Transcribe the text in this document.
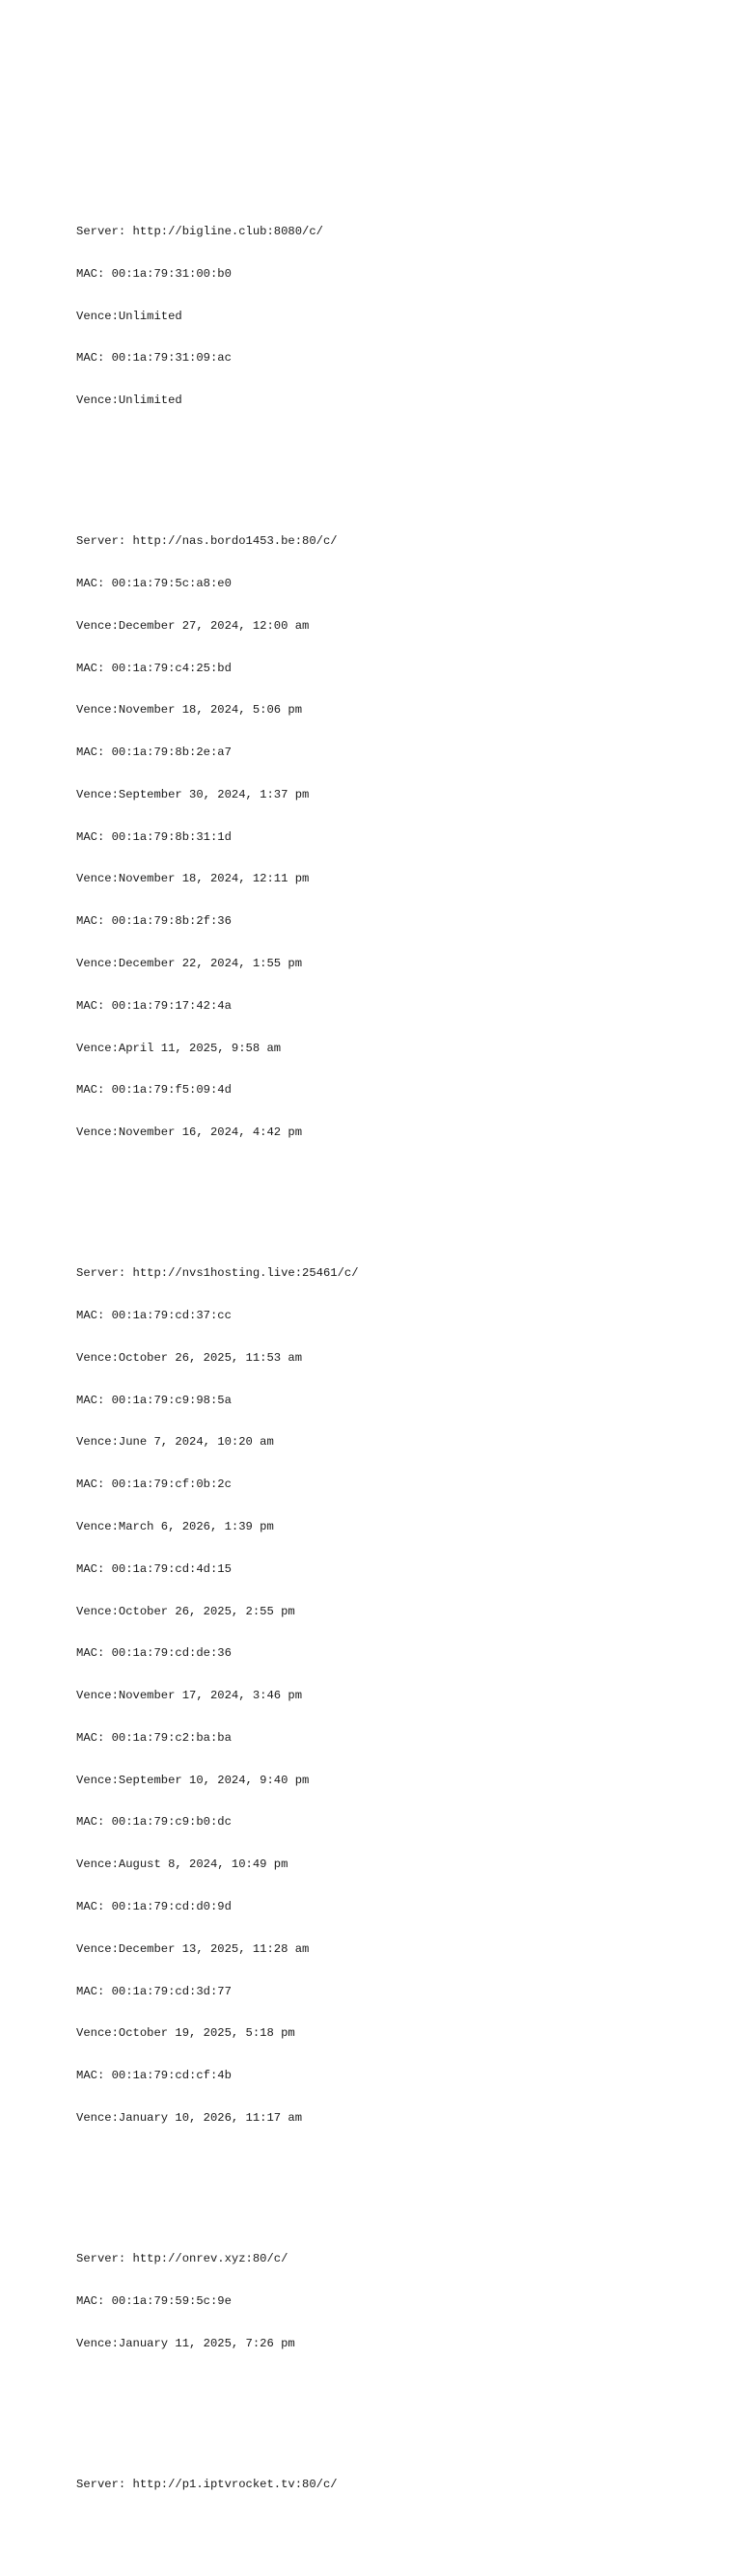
Server: http://bigline.club:8080/c/

MAC: 00:1a:79:31:00:b0

Vence:Unlimited

MAC: 00:1a:79:31:09:ac

Vence:Unlimited

Server: http://nas.bordo1453.be:80/c/

MAC: 00:1a:79:5c:a8:e0

Vence:December 27, 2024, 12:00 am

MAC: 00:1a:79:c4:25:bd

Vence:November 18, 2024, 5:06 pm

MAC: 00:1a:79:8b:2e:a7

Vence:September 30, 2024, 1:37 pm

MAC: 00:1a:79:8b:31:1d

Vence:November 18, 2024, 12:11 pm

MAC: 00:1a:79:8b:2f:36

Vence:December 22, 2024, 1:55 pm

MAC: 00:1a:79:17:42:4a

Vence:April 11, 2025, 9:58 am

MAC: 00:1a:79:f5:09:4d

Vence:November 16, 2024, 4:42 pm

Server: http://nvs1hosting.live:25461/c/

MAC: 00:1a:79:cd:37:cc

Vence:October 26, 2025, 11:53 am

MAC: 00:1a:79:c9:98:5a

Vence:June 7, 2024, 10:20 am

MAC: 00:1a:79:cf:0b:2c

Vence:March 6, 2026, 1:39 pm

MAC: 00:1a:79:cd:4d:15

Vence:October 26, 2025, 2:55 pm

MAC: 00:1a:79:cd:de:36

Vence:November 17, 2024, 3:46 pm

MAC: 00:1a:79:c2:ba:ba

Vence:September 10, 2024, 9:40 pm

MAC: 00:1a:79:c9:b0:dc

Vence:August 8, 2024, 10:49 pm

MAC: 00:1a:79:cd:d0:9d

Vence:December 13, 2025, 11:28 am

MAC: 00:1a:79:cd:3d:77

Vence:October 19, 2025, 5:18 pm

MAC: 00:1a:79:cd:cf:4b

Vence:January 10, 2026, 11:17 am

Server: http://onrev.xyz:80/c/

MAC: 00:1a:79:59:5c:9e

Vence:January 11, 2025, 7:26 pm

Server: http://p1.iptvrocket.tv:80/c/
